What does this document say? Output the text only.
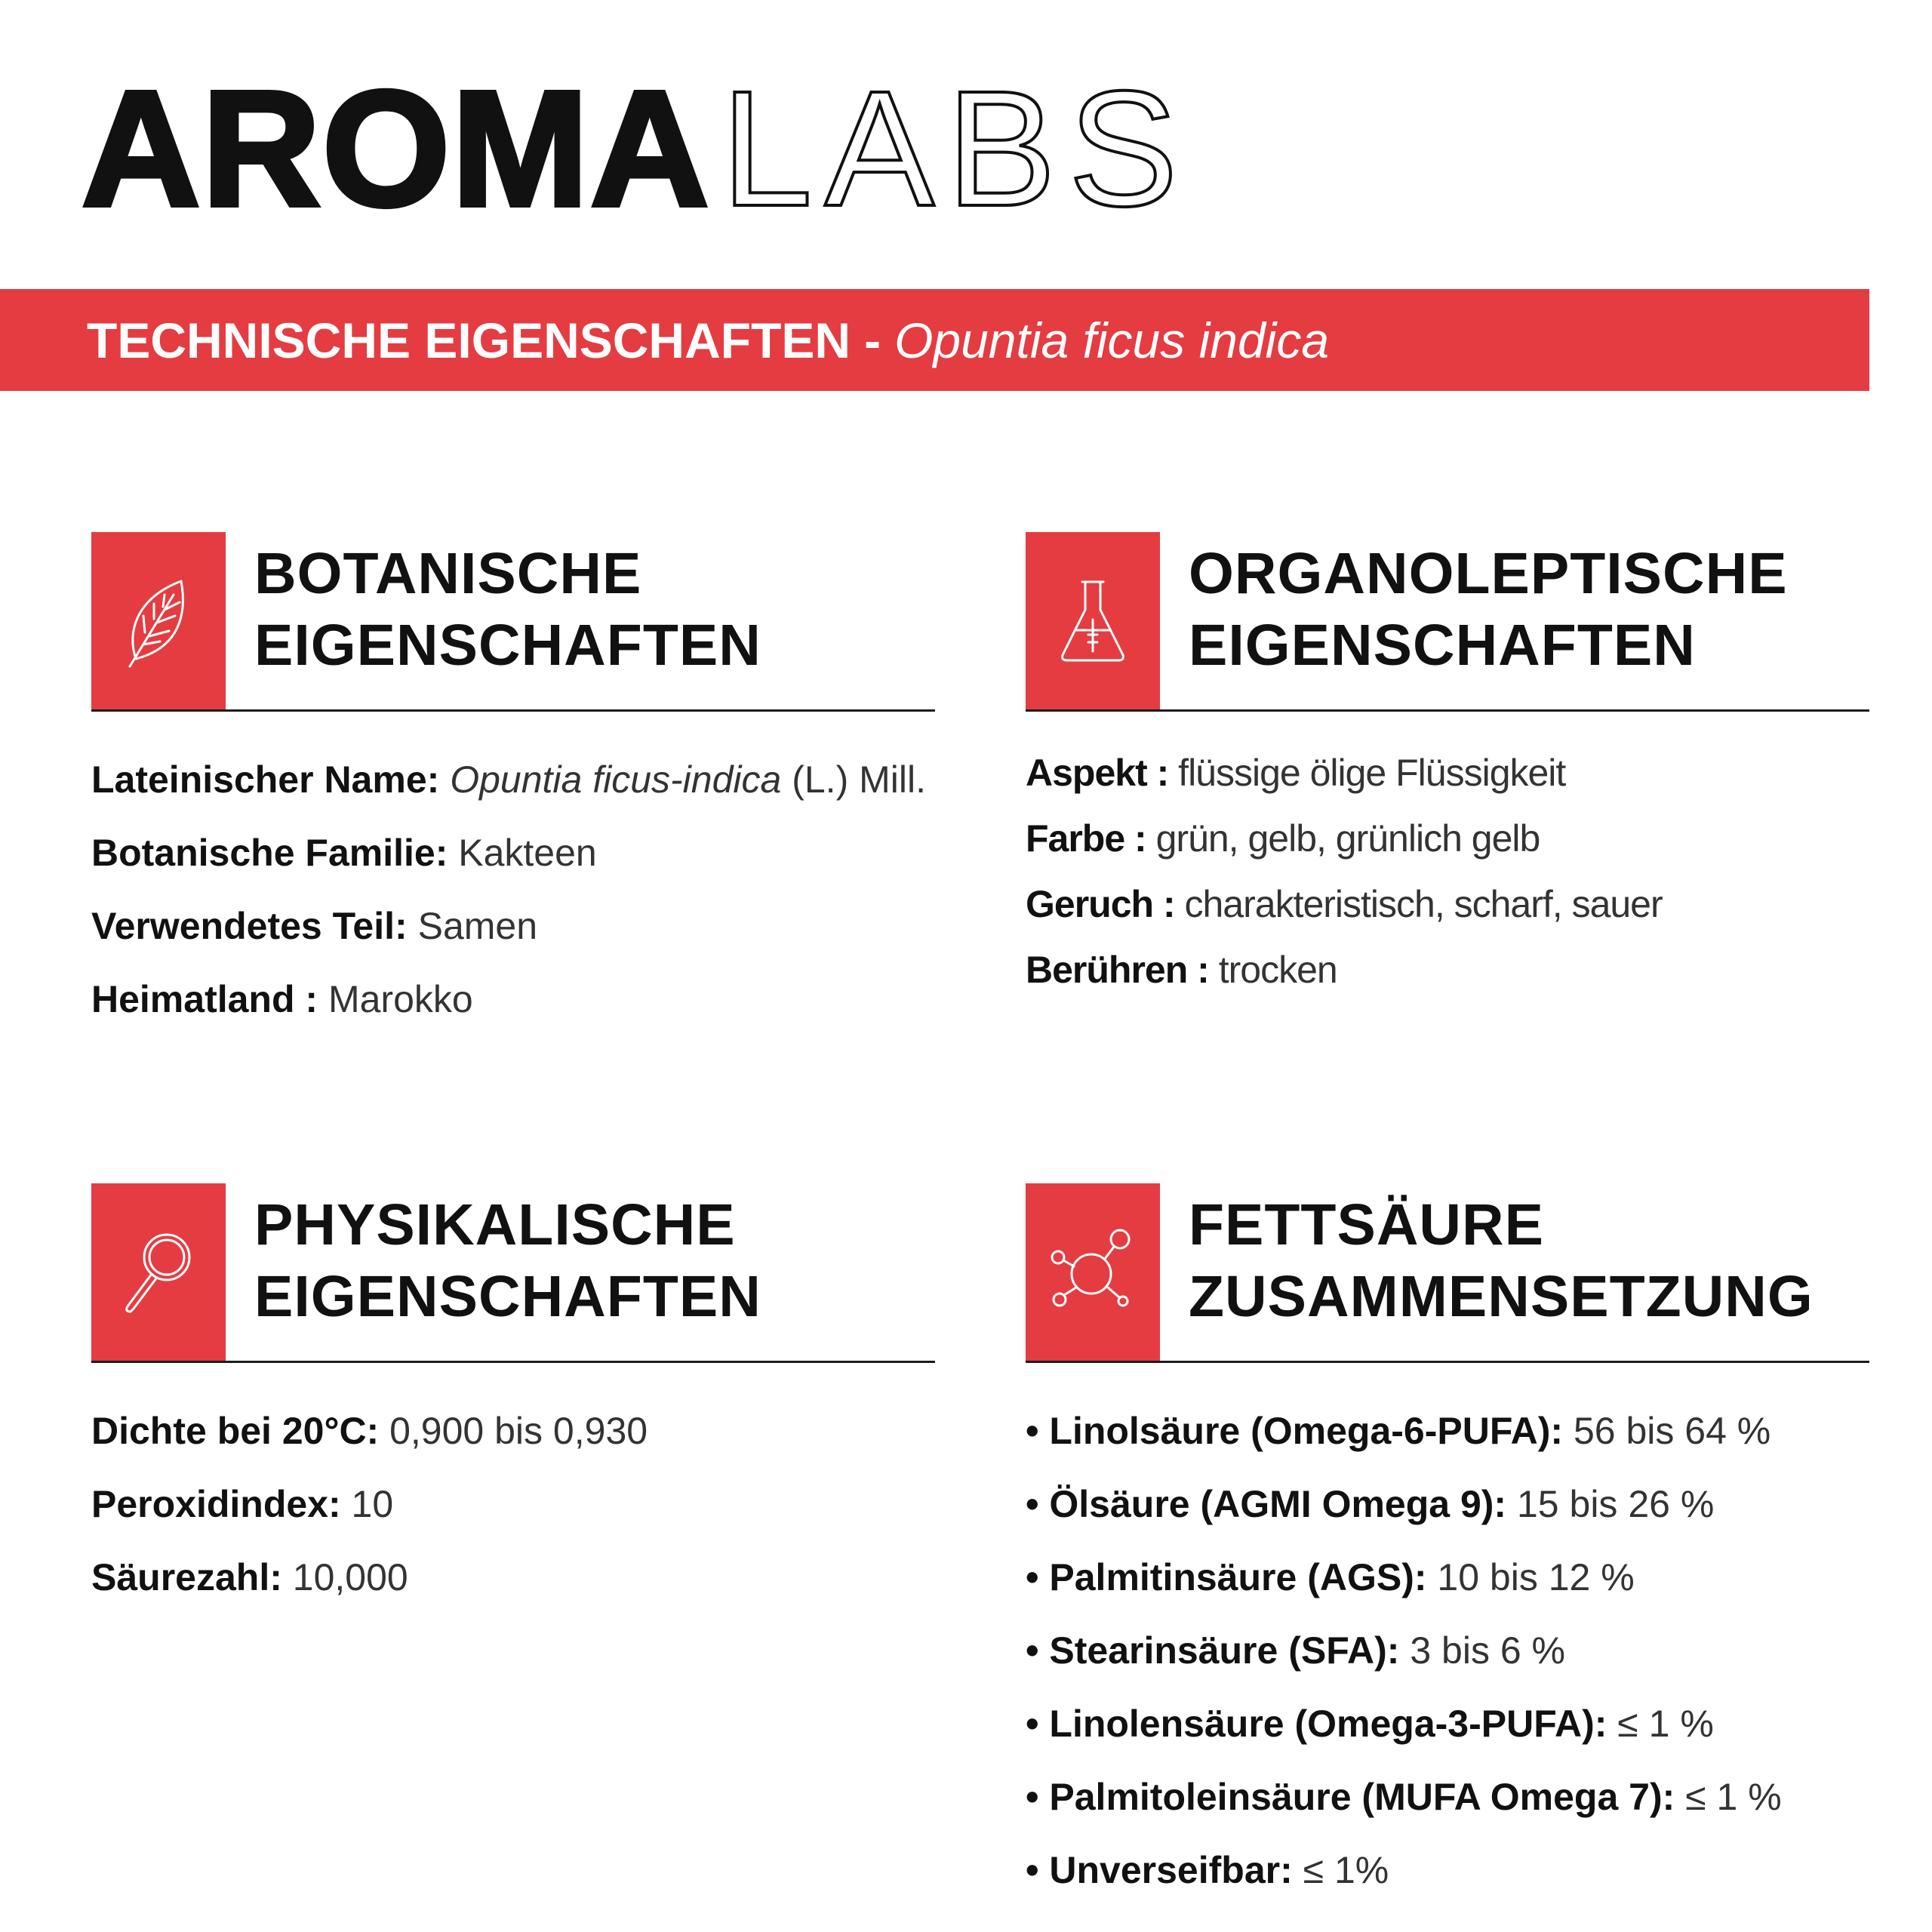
AROMALABS
TECHNISCHE EIGENSCHAFTEN - Opuntia ficus indica
BOTANISCHE
EIGENSCHAFTEN
Lateinischer Name: Opuntia ficus-indica (L.) Mill.
Botanische Familie: Kakteen
Verwendetes Teil: Samen
Heimatland : Marokko
ORGANOLEPTISCHE
EIGENSCHAFTEN
Aspekt : flüssige ölige Flüssigkeit
Farbe : grün, gelb, grünlich gelb
Geruch : charakteristisch, scharf, sauer
Berühren : trocken
PHYSIKALISCHE
EIGENSCHAFTEN
Dichte bei 20°C: 0,900 bis 0,930
Peroxidindex: 10
Säurezahl: 10,000
FETTSÄURE
ZUSAMMENSETZUNG
• Linolsäure (Omega-6-PUFA): 56 bis 64 %
• Ölsäure (AGMI Omega 9): 15 bis 26 %
• Palmitinsäure (AGS): 10 bis 12 %
• Stearinsäure (SFA): 3 bis 6 %
• Linolensäure (Omega-3-PUFA): ≤ 1 %
• Palmitoleinsäure (MUFA Omega 7): ≤ 1 %
• Unverseifbar: ≤ 1%
